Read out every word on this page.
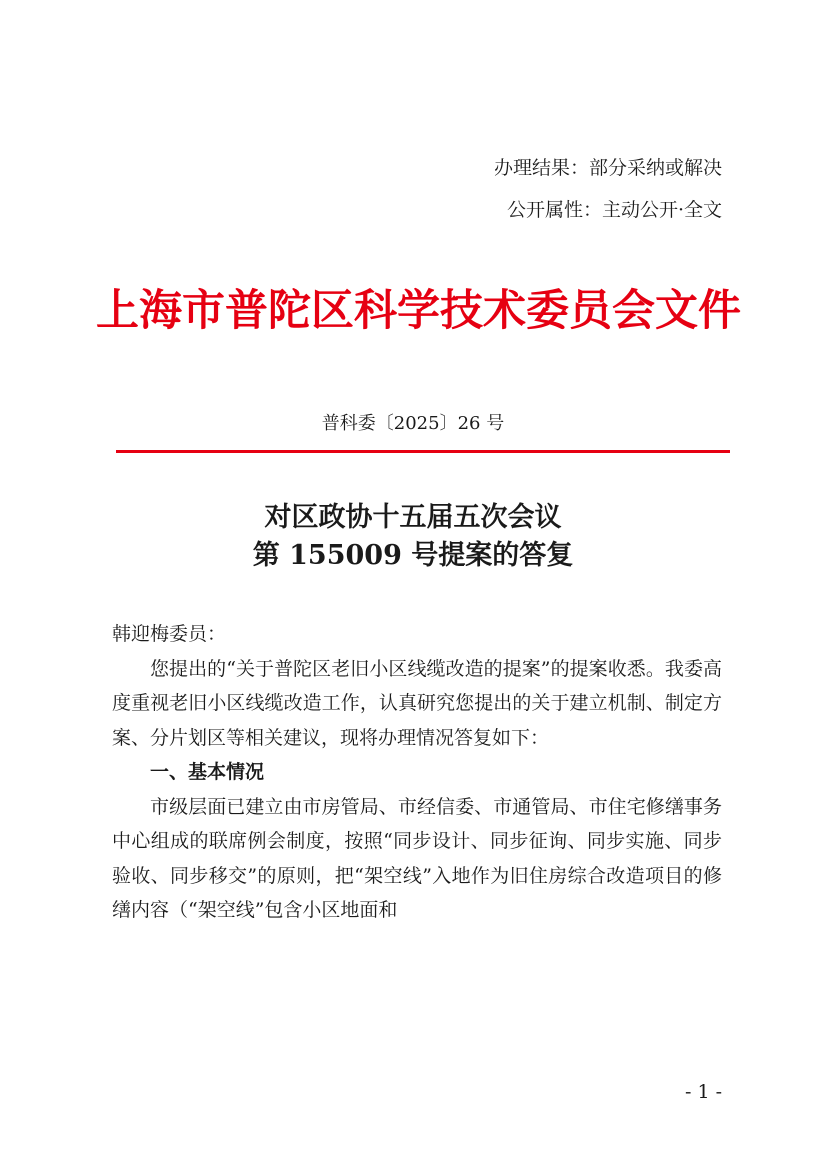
办理结果：部分采纳或解决
公开属性：主动公开·全文
上海市普陀区科学技术委员会文件
普科委〔2025〕26 号
对区政协十五届五次会议
第 155009 号提案的答复

韩迎梅委员：

您提出的“关于普陀区老旧小区线缆改造的提案”的提案收悉。我委高度重视老旧小区线缆改造工作，认真研究您提出的关于建立机制、制定方案、分片划区等相关建议，现将办理情况答复如下：

一、基本情况

市级层面已建立由市房管局、市经信委、市通管局、市住宅修缮事务中心组成的联席例会制度，按照“同步设计、同步征询、同步实施、同步验收、同步移交”的原则，把“架空线”入地作为旧住房综合改造项目的修缮内容（“架空线”包含小区地面和

- 1 -
